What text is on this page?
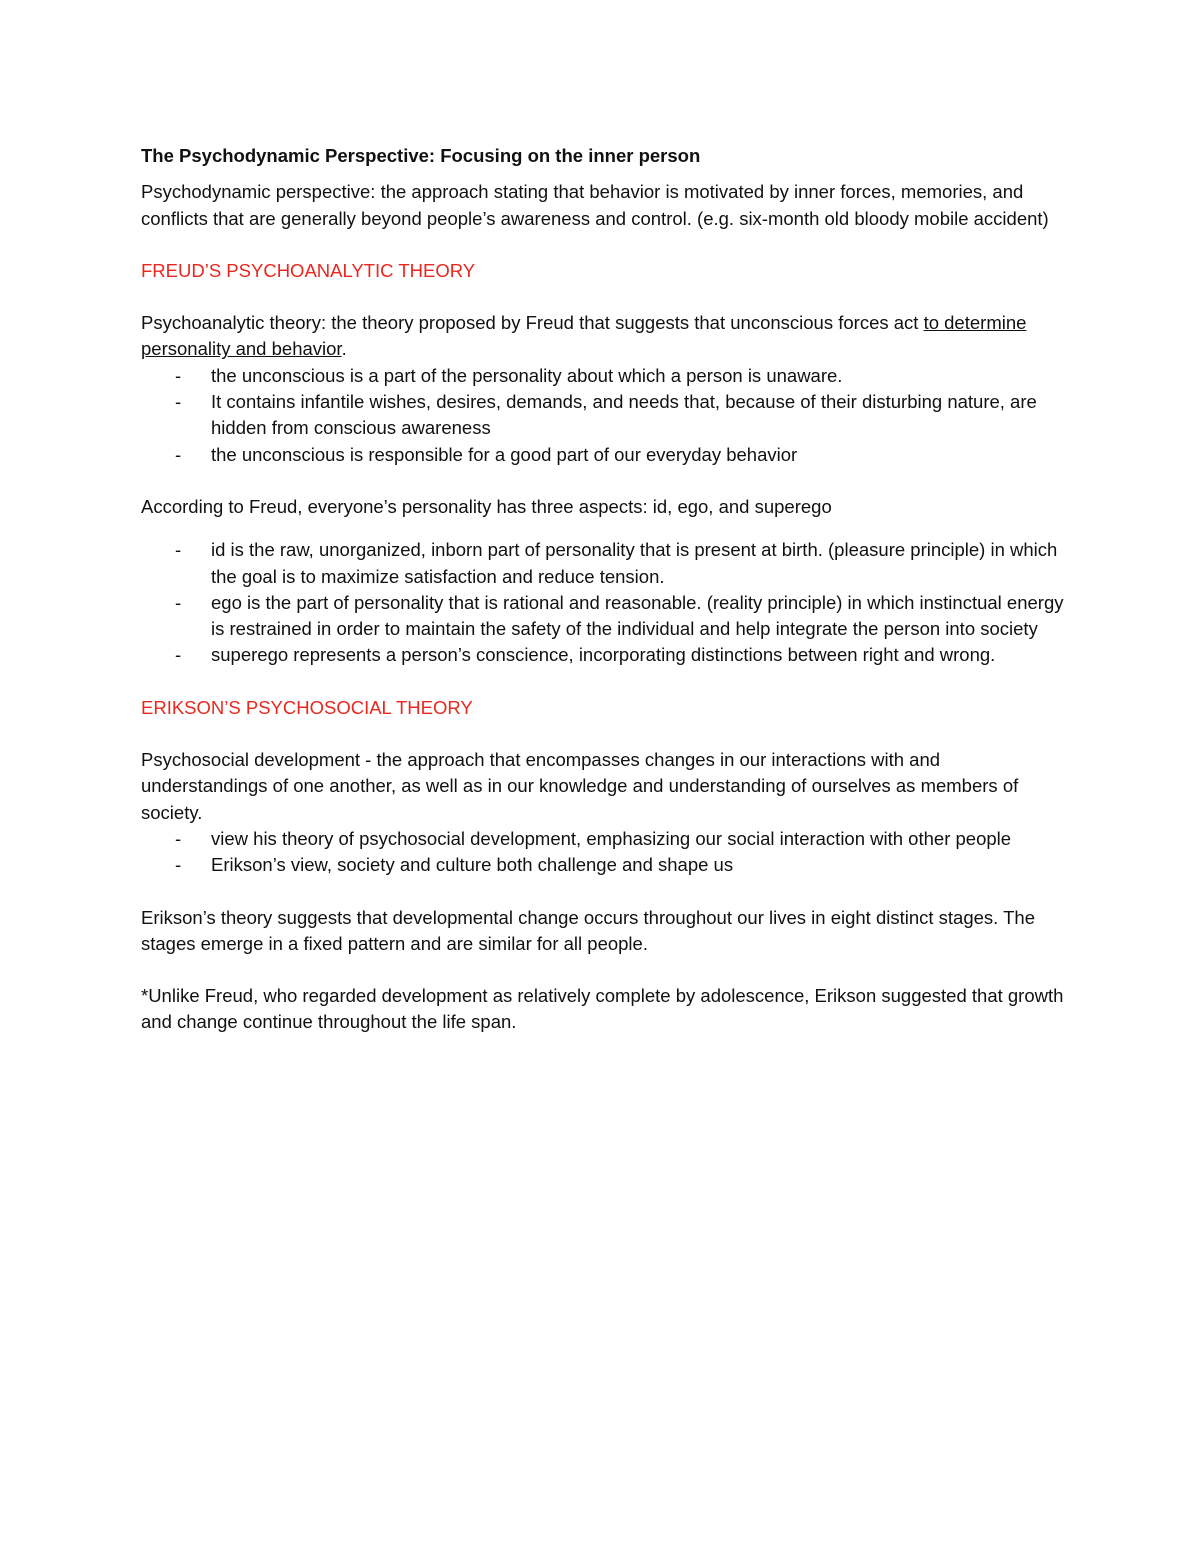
The Psychodynamic Perspective: Focusing on the inner person

Psychodynamic perspective: the approach stating that behavior is motivated by inner forces, memories, and conflicts that are generally beyond people’s awareness and control. (e.g. six-month old bloody mobile accident)

FREUD’S PSYCHOANALYTIC THEORY

Psychoanalytic theory: the theory proposed by Freud that suggests that unconscious forces act to determine personality and behavior.

- the unconscious is a part of the personality about which a person is unaware.
- It contains infantile wishes, desires, demands, and needs that, because of their disturbing nature, are hidden from conscious awareness
- the unconscious is responsible for a good part of our everyday behavior

According to Freud, everyone’s personality has three aspects: id, ego, and superego

- id is the raw, unorganized, inborn part of personality that is present at birth. (pleasure principle) in which the goal is to maximize satisfaction and reduce tension.
- ego is the part of personality that is rational and reasonable. (reality principle) in which instinctual energy is restrained in order to maintain the safety of the individual and help integrate the person into society
- superego represents a person’s conscience, incorporating distinctions between right and wrong.

ERIKSON’S PSYCHOSOCIAL THEORY

Psychosocial development - the approach that encompasses changes in our interactions with and understandings of one another, as well as in our knowledge and understanding of ourselves as members of society.

- view his theory of psychosocial development, emphasizing our social interaction with other people
- Erikson’s view, society and culture both challenge and shape us

Erikson’s theory suggests that developmental change occurs throughout our lives in eight distinct stages. The stages emerge in a fixed pattern and are similar for all people.

*Unlike Freud, who regarded development as relatively complete by adolescence, Erikson suggested that growth and change continue throughout the life span.
